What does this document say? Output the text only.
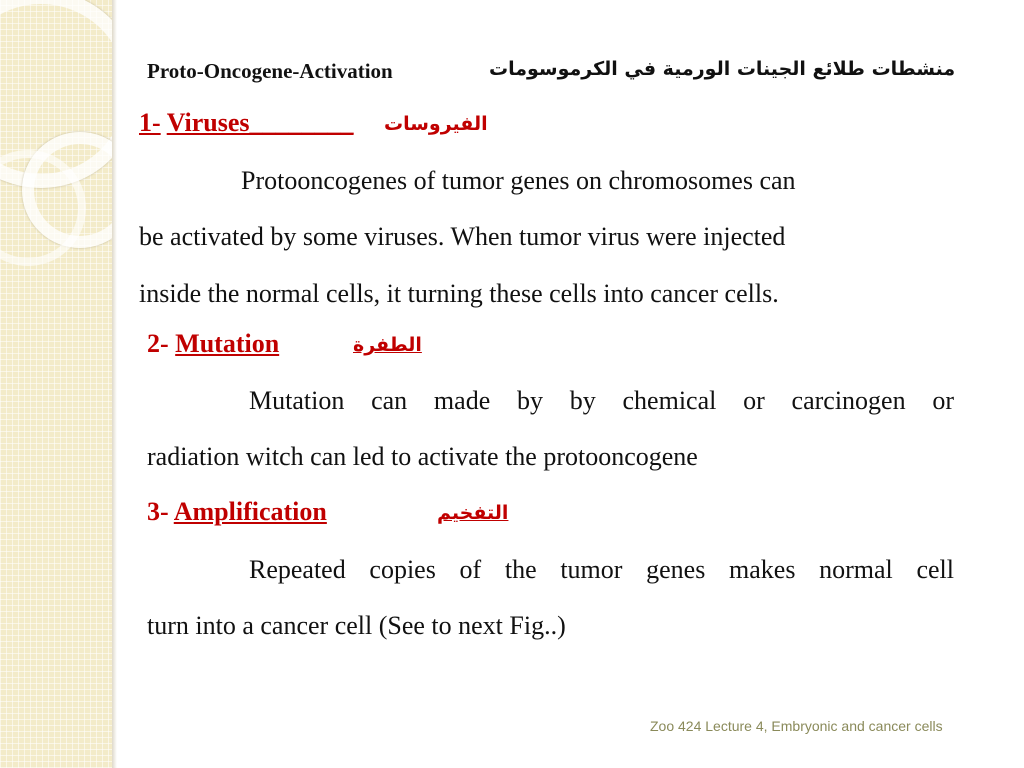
Proto-Oncogene-Activation	منشطات طلائع الجينات الورمية في الكرموسومات
1- Viruses________ الفيروسات
Protooncogenes of tumor genes on chromosomes can
be activated by some viruses. When tumor virus were injected
inside the normal cells, it turning these cells into cancer cells.
2- Mutation	الطفرة
Mutation can made by by chemical or carcinogen or
radiation witch can led to activate the protooncogene
3- Amplification	التفخيم
Repeated copies of the tumor genes makes normal cell
turn into a cancer cell (See to next Fig..)
Zoo 424 Lecture 4, Embryonic and cancer cells
